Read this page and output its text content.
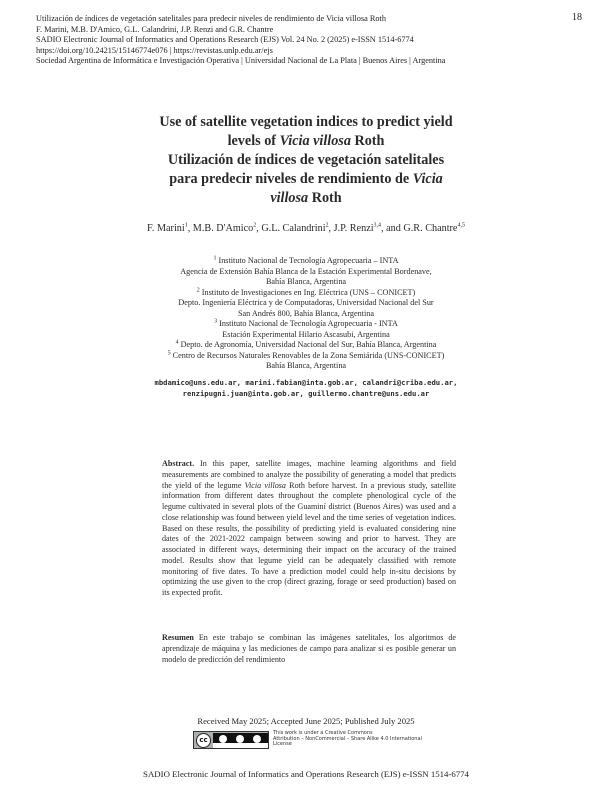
18
Utilización de índices de vegetación satelitales para predecir niveles de rendimiento de Vicia villosa Roth
F. Marini, M.B. D'Amico, G.L. Calandrini, J.P. Renzi and G.R. Chantre
SADIO Electronic Journal of Informatics and Operations Research (EJS) Vol. 24 No. 2 (2025) e-ISSN 1514-6774
https://doi.org/10.24215/15146774e076 | https://revistas.unlp.edu.ar/ejs
Sociedad Argentina de Informática e Investigación Operativa | Universidad Nacional de La Plata | Buenos Aires | Argentina
Use of satellite vegetation indices to predict yield
levels of Vicia villosa Roth
Utilización de índices de vegetación satelitales
para predecir niveles de rendimiento de Vicia
villosa Roth
F. Marini$^1$, M.B. D'Amico$^2$, G.L. Calandrini$^2$, J.P. Renzi$^{3,4}$, and G.R. Chantre$^{4,5}$
$^1$ Instituto Nacional de Tecnología Agropecuaria – INTA
Agencia de Extensión Bahía Blanca de la Estación Experimental Bordenave,
Bahía Blanca, Argentina
$^2$ Instituto de Investigaciones en Ing. Eléctrica (UNS – CONICET)
Depto. Ingeniería Eléctrica y de Computadoras, Universidad Nacional del Sur
San Andrés 800, Bahía Blanca, Argentina
$^3$ Instituto Nacional de Tecnología Agropecuaria - INTA
Estación Experimental Hilario Ascasubi, Argentina
$^4$ Depto. de Agronomía, Universidad Nacional del Sur, Bahía Blanca, Argentina
$^5$ Centro de Recursos Naturales Renovables de la Zona Semiárida (UNS-CONICET)
Bahía Blanca, Argentina
mbdamico@uns.edu.ar, marini.fabian@inta.gob.ar, calandri@criba.edu.ar,
renzipugni.juan@inta.gob.ar, guillermo.chantre@uns.edu.ar
Abstract. In this paper, satellite images, machine learning algorithms and field measurements are combined to analyze the possibility of generating a model that predicts the yield of the legume Vicia villosa Roth before harvest. In a previous study, satellite information from different dates throughout the complete phenological cycle of the legume cultivated in several plots of the Guaminí district (Buenos Aires) was used and a close relationship was found between yield level and the time series of vegetation indices. Based on these results, the possibility of predicting yield is evaluated considering nine dates of the 2021-2022 campaign between sowing and prior to harvest. They are associated in different ways, determining their impact on the accuracy of the trained model. Results show that legume yield can be adequately classified with remote monitoring of five dates. To have a prediction model could help in-situ decisions by optimizing the use given to the crop (direct grazing, forage or seed production) based on its expected profit.
Resumen En este trabajo se combinan las imágenes satelitales, los algoritmos de aprendizaje de máquina y las mediciones de campo para analizar si es posible generar un modelo de predicción del rendimiento
Received May 2025; Accepted June 2025; Published July 2025
cc
This work is under a Creative Commons
Attribution – NonCommercial – Share Alike 4.0 International License
SADIO Electronic Journal of Informatics and Operations Research (EJS) e-ISSN 1514-6774
